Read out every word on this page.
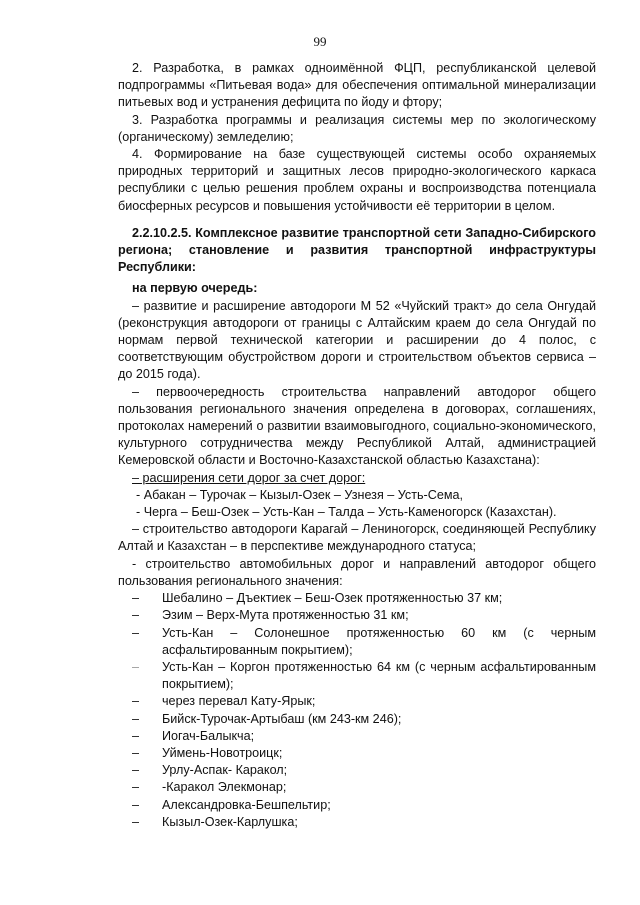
99

2. Разработка, в рамках одноимённой ФЦП, республиканской целевой подпрограммы «Питьевая вода» для обеспечения оптимальной минерализации питьевых вод и устранения дефицита по йоду и фтору;

3. Разработка программы и реализация системы мер по экологическому (органическому) земледелию;

4. Формирование на базе существующей системы особо охраняемых природных территорий и защитных лесов природно-экологического каркаса республики с целью решения проблем охраны и воспроизводства потенциала биосферных ресурсов и повышения устойчивости её территории в целом.

2.2.10.2.5. Комплексное развитие транспортной сети Западно-Сибирского региона; становление и развития транспортной инфраструктуры Республики:

на первую очередь:

– развитие и расширение автодороги М 52 «Чуйский тракт» до села Онгудай (реконструкция автодороги от границы с Алтайским краем до села Онгудай по нормам первой технической категории и расширении до 4 полос, с соответствующим обустройством дороги и строительством объектов сервиса – до 2015 года).

– первоочередность строительства направлений автодорог общего пользования регионального значения определена в договорах, соглашениях, протоколах намерений о развитии взаимовыгодного, социально-экономического, культурного сотрудничества между Республикой Алтай, администрацией Кемеровской области и Восточно-Казахстанской областью Казахстана):

– расширения сети дорог за счет дорог:

- Абакан – Турочак – Кызыл-Озек – Узнезя – Усть-Сема,

- Черга – Беш-Озек – Усть-Кан – Талда – Усть-Каменогорск (Казахстан).

– строительство автодороги Карагай – Лениногорск, соединяющей Республику Алтай и Казахстан – в перспективе международного статуса;

- строительство автомобильных дорог и направлений автодорог общего пользования регионального значения:

–	Шебалино – Дъектиек – Беш-Озек протяженностью 37 км;
–	Эзим – Верх-Мута протяженностью 31 км;
–	Усть-Кан – Солонешное протяженностью 60 км (с черным асфальтированным покрытием);
–	Усть-Кан – Коргон протяженностью 64 км (с черным асфальтированным покрытием);
–	через перевал Кату-Ярык;
–	Бийск-Турочак-Артыбаш (км 243-км 246);
–	Иогач-Балыкча;
–	Уймень-Новотроицк;
–	Урлу-Аспак- Каракол;
–	-Каракол Элекмонар;
–	Александровка-Бешпельтир;
–	Кызыл-Озек-Карлушка;
